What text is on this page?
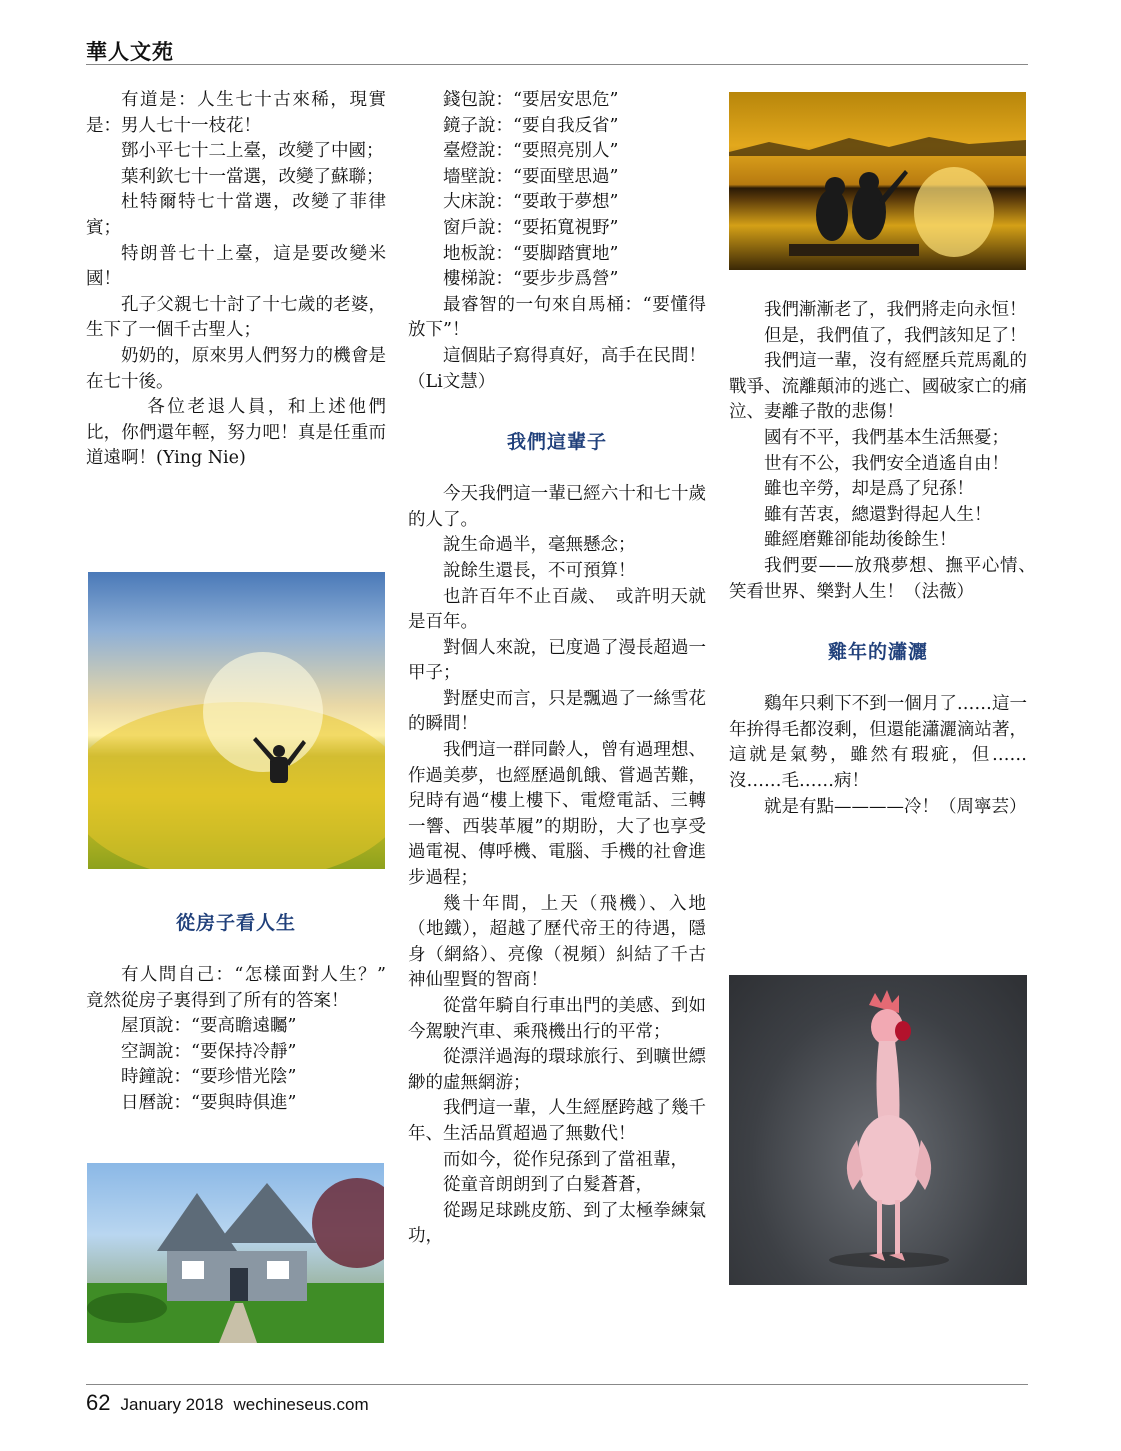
華人文苑

有道是：人生七十古來稀，現實是：男人七十一枝花！

鄧小平七十二上臺，改變了中國；

葉利欽七十一當選，改變了蘇聯；

杜特爾特七十當選，改變了菲律賓；

特朗普七十上臺，這是要改變米國！

孔子父親七十討了十七歲的老婆，生下了一個千古聖人；

奶奶的，原來男人們努力的機會是在七十後。

各位老退人員，和上述他們比，你們還年輕，努力吧！真是任重而道遠啊！(Ying Nie)

從房子看人生

有人問自己：“怎樣面對人生？” 竟然從房子裏得到了所有的答案！

屋頂說：“要高瞻遠矚”

空調說：“要保持冷靜”

時鐘說：“要珍惜光陰”

日曆說：“要與時俱進”

錢包說：“要居安思危”

鏡子說：“要自我反省”

臺燈說：“要照亮別人”

墻壁說：“要面壁思過”

大床說：“要敢于夢想”

窗戶說：“要拓寬視野”

地板說：“要脚踏實地”

樓梯說：“要步步爲營”

最睿智的一句來自馬桶：“要懂得放下”！

這個貼子寫得真好，高手在民間！（Li文慧）

我們這輩子

今天我們這一輩已經六十和七十歲的人了。

說生命過半，毫無懸念；

說餘生還長，不可預算！

也許百年不止百歲、　或許明天就是百年。

對個人來說，已度過了漫長超過一甲子；

對歷史而言，只是飄過了一絲雪花的瞬間！

我們這一群同齡人，曾有過理想、作過美夢，也經歷過飢餓、嘗過苦難，兒時有過“樓上樓下、電燈電話、三轉一響、西裝革履”的期盼，大了也享受過電視、傳呼機、電腦、手機的社會進步過程；

幾十年間，上天（飛機）、入地（地鐵），超越了歷代帝王的待遇，隱身（網絡）、亮像（視頻）糾結了千古神仙聖賢的智商！

從當年騎自行車出門的美感、到如今駕駛汽車、乘飛機出行的平常；

從漂洋過海的環球旅行、到曠世縹緲的虛無網游；

我們這一輩，人生經歷跨越了幾千年、生活品質超過了無數代！

而如今，從作兒孫到了當祖輩，

從童音朗朗到了白髮蒼蒼，

從踢足球跳皮筋、到了太極拳練氣功，

我們漸漸老了，我們將走向永恒！

但是，我們值了，我們該知足了！

我們這一輩，沒有經歷兵荒馬亂的戰爭、流離顛沛的逃亡、國破家亡的痛泣、妻離子散的悲傷！

國有不平，我們基本生活無憂；

世有不公，我們安全逍遙自由！

雖也辛勞，却是爲了兒孫！

雖有苦衷，總還對得起人生！

雖經磨難卻能劫後餘生！

我們要——放飛夢想、撫平心情、　笑看世界、樂對人生！（法薇）

雞年的瀟灑

鷄年只剩下不到一個月了……這一年拚得毛都沒剩，但還能瀟灑滴站著，這就是氣勢，雖然有瑕疵，但……沒……毛……病！

就是有點————冷！（周寧芸）

62 January 2018 wechineseus.com
